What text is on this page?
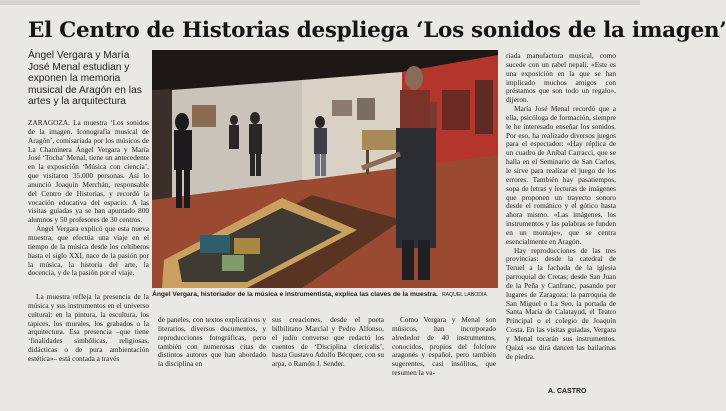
El Centro de Historias despliega ‘Los sonidos de la imagen’
Ángel Vergara y María José Menal estudian y exponen la memoria musical de Aragón en las artes y la arquitectura

ZARAGOZA. La muestra ‘Los sonidos de la imagen. Iconografía musical de Aragón’, comisariada por los músicos de La Chaminera Ángel Vergara y María José ‘Tocha’ Menal, tiene un antecedente en la exposición ‘Música con ciencia’, que visitaron 35.000 personas. Así lo anunció Joaquín Merchán, responsable del Centro de Historias, y recordó la vocación educativa del espacio. A las visitas guiadas ya se han apuntado 800 alumnos y 50 profesores de 30 centros.

Ángel Vergara explicó que esta nueva muestra, que efectúa una viaje en el tiempo de la música desde los celtíberos hasta el siglo XXI, nace de la pasión por la música, la historia del arte, la docencia, y de la pasión por el viaje.

La muestra refleja la presencia de la música y sus instrumentos en el universo cultural: en la pintura, la escultura, los tapices, los murales, los grabados o la arquitectura. Esa presencia –que tiene ‘finalidades simbólicas, religiosas, didácticas o de pura ambientación estética»– está contada a través

Ángel Vergara, historiador de la música e instrumentista, explica las claves de la muestra. RAQUEL LABODIA
de paneles, con textos explicativos y literarios, diversos documentos, y reproducciones fotográficas, pero también con numerosas citas de distintos autores que han abordado la disciplina en
sus creaciones, desde el poeta bilbilitano Marcial y Pedro Alfonso, el judío converso que redactó los cuentos de ‘Disciplina clericalis’, hasta Gustavo Adolfo Bécquer, con su arpa, o Ramón J. Sender.
Como Vergara y Menal son músicos, han incorporado alrededor de 40 instrumentos, conocidos, propios del folclore aragonés y español, pero también sugerentes, casi insólitos, que resumen la va-

riada manufactura musical, como sucede con un rabel nepalí. «Este es una exposición en la que se han implicado muchos amigos con préstamos que son todo un regalo», dijeron.

María José Menal recordó que a ella, psicóloga de formación, siempre le he interesado enseñar los sonidos. Por eso, ha realizado diversos juegos para el espectador: «Hay réplica de un cuadro de Aníbal Carracci, que se halla en el Seminario de San Carlos, le sirve para realizar el juego de los errores. También hay pasatiempos, sopa de letras y lecturas de imágenes que proponen un trayecto sonoro desde el románico y el gótico hasta ahora mismo. «Las imágenes, los instrumentos y las palabras se funden en un montaje», que se centra esencialmente en Aragón.

Hay reproducciones de las tres provincias: desde la catedral de Teruel a la fachada de la iglesia parroquial de Cretas; desde San Juan de la Peña y Canfranc, pasando por lugares de Zaragoza: la parroquia de San Miguel o La Seo, la portada de Santa María de Calatayud, el Teatro Principal o el colegio de Joaquín Costa. En las visitas guiadas, Vergara y Menal tocarán sus instrumentos. Quizá «se dirá dancen las bailarinas de piedra.

A. CASTRO
